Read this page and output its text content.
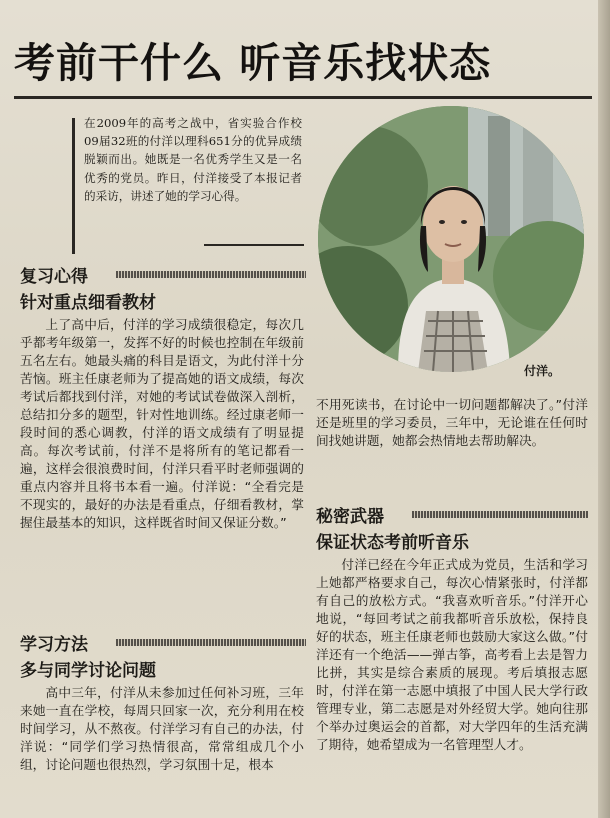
考前干什么 听音乐找状态
在2009年的高考之战中，省实验合作校09届32班的付洋以理科651分的优异成绩脱颖而出。她既是一名优秀学生又是一名优秀的党员。昨日，付洋接受了本报记者的采访，讲述了她的学习心得。
付洋。
复习心得
针对重点细看教材

上了高中后，付洋的学习成绩很稳定，每次几乎都考年级第一，发挥不好的时候也控制在年级前五名左右。她最头痛的科目是语文，为此付洋十分苦恼。班主任康老师为了提高她的语文成绩，每次考试后都找到付洋，对她的考试试卷做深入剖析，总结扣分多的题型，针对性地训练。经过康老师一段时间的悉心调教，付洋的语文成绩有了明显提高。每次考试前，付洋不是将所有的笔记都看一遍，这样会很浪费时间，付洋只看平时老师强调的重点内容并且将书本看一遍。付洋说：“全看完是不现实的，最好的办法是看重点，仔细看教材，掌握住最基本的知识，这样既省时间又保证分数。”

学习方法
多与同学讨论问题

高中三年，付洋从未参加过任何补习班，三年来她一直在学校，每周只回家一次，充分利用在校时间学习，从不熬夜。付洋学习有自己的办法，付洋说：“同学们学习热情很高，常常组成几个小组，讨论问题也很热烈，学习氛围十足，根本

不用死读书，在讨论中一切问题都解决了。”付洋还是班里的学习委员，三年中，无论谁在任何时间找她讲题，她都会热情地去帮助解决。

秘密武器
保证状态考前听音乐

付洋已经在今年正式成为党员，生活和学习上她都严格要求自己，每次心情紧张时，付洋都有自己的放松方式。“我喜欢听音乐。”付洋开心地说，“每回考试之前我都听音乐放松，保持良好的状态，班主任康老师也鼓励大家这么做。”付洋还有一个绝活——弹古筝，高考看上去是智力比拼，其实是综合素质的展现。考后填报志愿时，付洋在第一志愿中填报了中国人民大学行政管理专业，第二志愿是对外经贸大学。她向往那个举办过奥运会的首都，对大学四年的生活充满了期待，她希望成为一名管理型人才。
